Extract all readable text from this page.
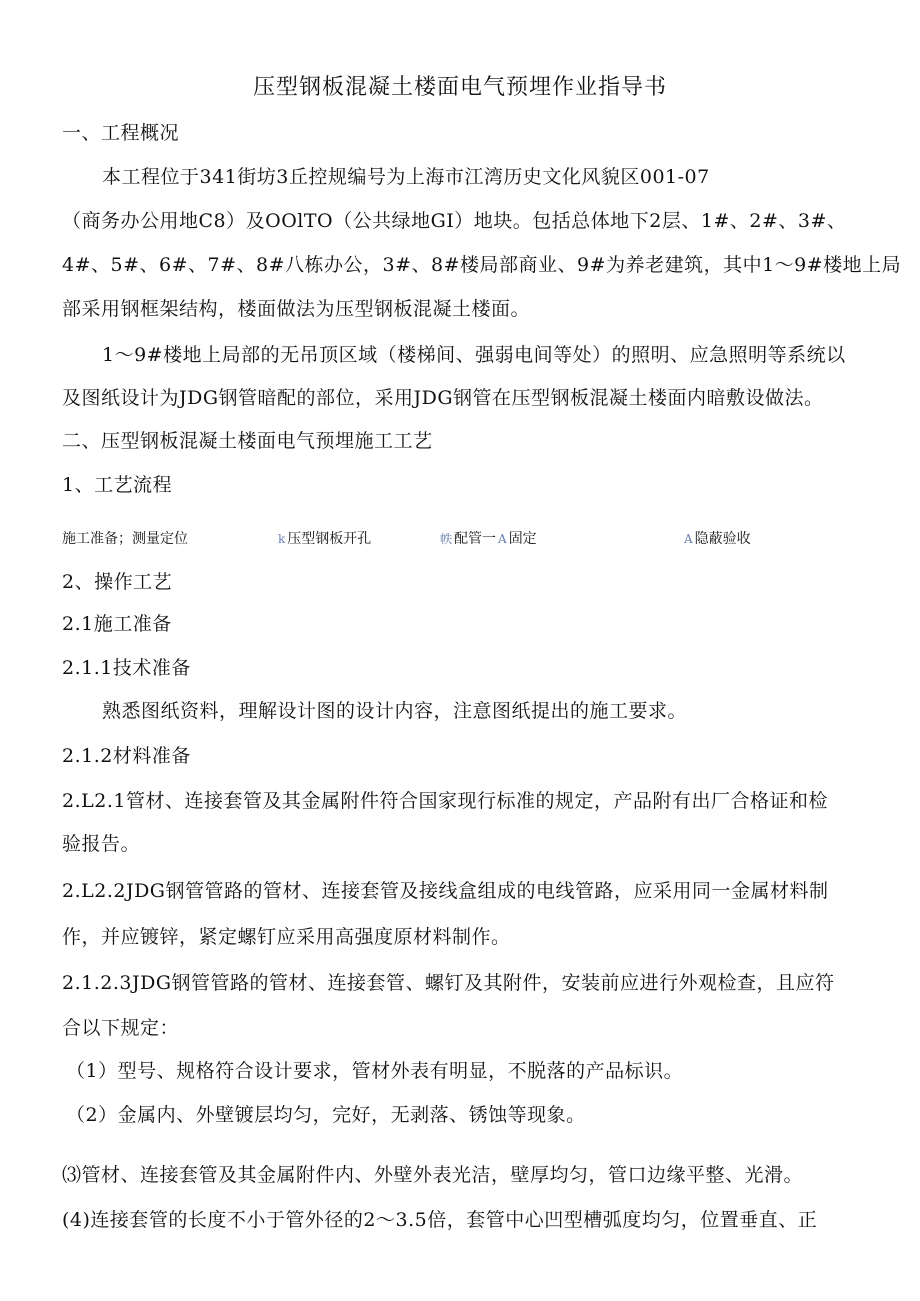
压型钢板混凝土楼面电气预埋作业指导书
一、工程概况
本工程位于341街坊3丘控规编号为上海市江湾历史文化风貌区001-07
（商务办公用地C8）及OOlTO（公共绿地GI）地块。包括总体地下2层、1#、2#、3#、
4#、5#、6#、7#、8#八栋办公，3#、8#楼局部商业、9#为养老建筑，其中1～9#楼地上局
部采用钢框架结构，楼面做法为压型钢板混凝土楼面。
1～9#楼地上局部的无吊顶区域（楼梯间、强弱电间等处）的照明、应急照明等系统以
及图纸设计为JDG钢管暗配的部位，采用JDG钢管在压型钢板混凝土楼面内暗敷设做法。
二、压型钢板混凝土楼面电气预埋施工工艺
1、工艺流程
施工准备；测量定位	k 压型钢板开孔	帙 配管一 A 固定	A 隐蔽验收
2、操作工艺
2.1施工准备
2.1.1技术准备
熟悉图纸资料，理解设计图的设计内容，注意图纸提出的施工要求。
2.1.2材料准备
2.L2.1管材、连接套管及其金属附件符合国家现行标准的规定，产品附有出厂合格证和检
验报告。
2.L2.2JDG钢管管路的管材、连接套管及接线盒组成的电线管路，应采用同一金属材料制
作，并应镀锌，紧定螺钉应采用高强度原材料制作。
2.1.2.3JDG钢管管路的管材、连接套管、螺钉及其附件，安装前应进行外观检查，且应符
合以下规定：
（1）型号、规格符合设计要求，管材外表有明显，不脱落的产品标识。
（2）金属内、外壁镀层均匀，完好，无剥落、锈蚀等现象。
⑶管材、连接套管及其金属附件内、外壁外表光洁，壁厚均匀，管口边缘平整、光滑。
(4)连接套管的长度不小于管外径的2～3.5倍，套管中心凹型槽弧度均匀，位置垂直、正
